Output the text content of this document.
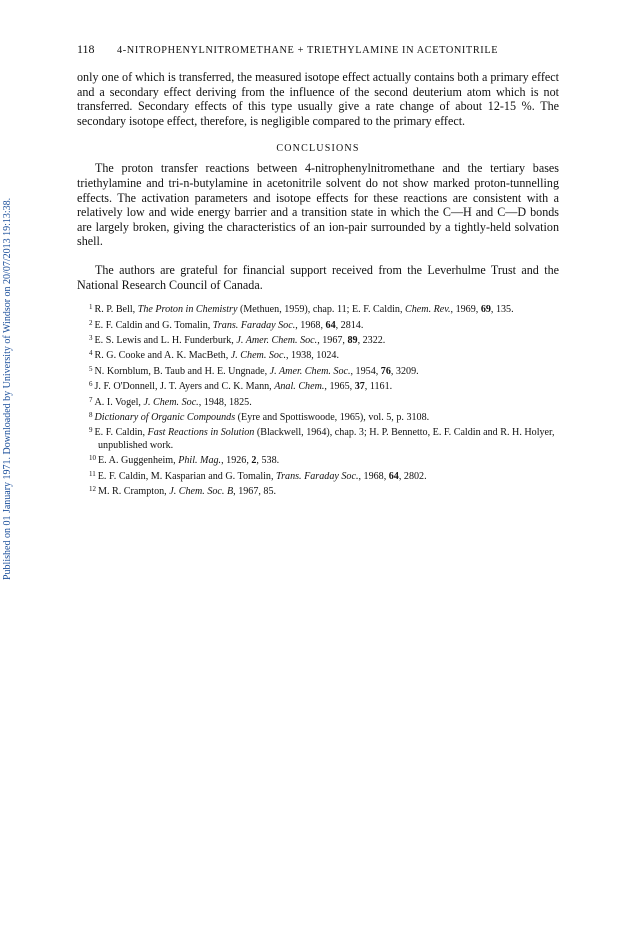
Published on 01 January 1971. Downloaded by University of Windsor on 20/07/2013 19:13:38.
118	4-NITROPHENYLNITROMETHANE + TRIETHYLAMINE IN ACETONITRILE

only one of which is transferred, the measured isotope effect actually contains both a primary effect and a secondary effect deriving from the influence of the second deuterium atom which is not transferred. Secondary effects of this type usually give a rate change of about 12-15 %. The secondary isotope effect, therefore, is negligible compared to the primary effect.

CONCLUSIONS

The proton transfer reactions between 4-nitrophenylnitromethane and the tertiary bases triethylamine and tri-n-butylamine in acetonitrile solvent do not show marked proton-tunnelling effects. The activation parameters and isotope effects for these reactions are consistent with a relatively low and wide energy barrier and a transition state in which the C—H and C—D bonds are largely broken, giving the characteristics of an ion-pair surrounded by a tightly-held solvation shell.

The authors are grateful for financial support received from the Leverhulme Trust and the National Research Council of Canada.

$^1$ R. P. Bell, The Proton in Chemistry (Methuen, 1959), chap. 11; E. F. Caldin, Chem. Rev., 1969, 69, 135.
$^2$ E. F. Caldin and G. Tomalin, Trans. Faraday Soc., 1968, 64, 2814.
$^3$ E. S. Lewis and L. H. Funderburk, J. Amer. Chem. Soc., 1967, 89, 2322.
$^4$ R. G. Cooke and A. K. MacBeth, J. Chem. Soc., 1938, 1024.
$^5$ N. Kornblum, B. Taub and H. E. Ungnade, J. Amer. Chem. Soc., 1954, 76, 3209.
$^6$ J. F. O'Donnell, J. T. Ayers and C. K. Mann, Anal. Chem., 1965, 37, 1161.
$^7$ A. I. Vogel, J. Chem. Soc., 1948, 1825.
$^8$ Dictionary of Organic Compounds (Eyre and Spottiswoode, 1965), vol. 5, p. 3108.
$^9$ E. F. Caldin, Fast Reactions in Solution (Blackwell, 1964), chap. 3; H. P. Bennetto, E. F. Caldin and R. H. Holyer, unpublished work.
$^{10}$ E. A. Guggenheim, Phil. Mag., 1926, 2, 538.
$^{11}$ E. F. Caldin, M. Kasparian and G. Tomalin, Trans. Faraday Soc., 1968, 64, 2802.
$^{12}$ M. R. Crampton, J. Chem. Soc. B, 1967, 85.
